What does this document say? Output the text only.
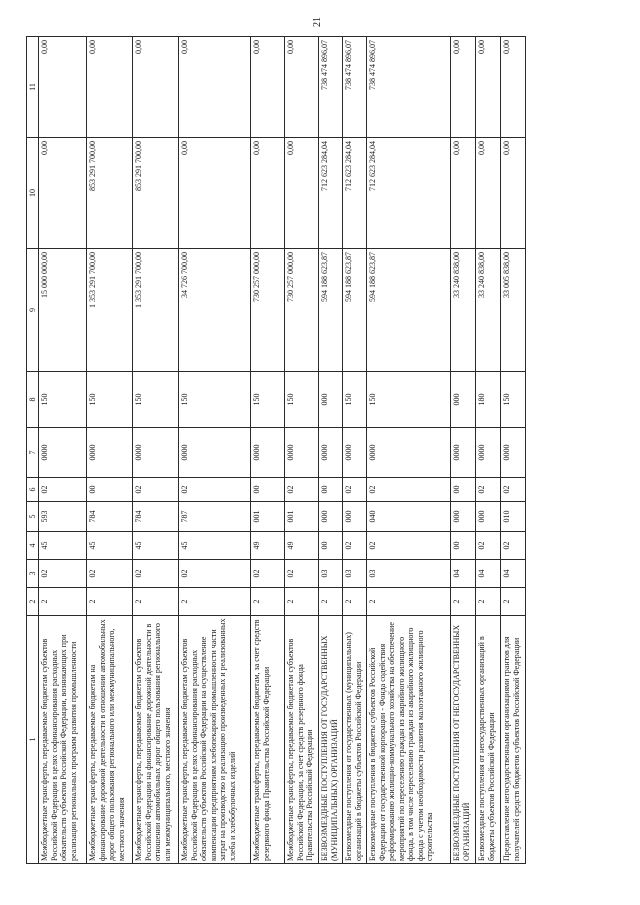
21
1	2	3	4	5	6	7	8	9	10	11
Межбюджетные трансферты, передаваемые бюджетам субъектов Российской Федерации в целях софинансирования расходных обязательств субъектов Российской Федерации, возникающих при реализации региональных программ развития промышленности	2	02	45	593	02	0000	150	15 000 000,00	0,00	0,00
Межбюджетные трансферты, передаваемые бюджетам на финансирование дорожной деятельности в отношении автомобильных дорог общего пользования регионального или межмуниципального, местного значения	2	02	45	784	00	0000	150	1 353 291 700,00	853 291 700,00	0,00
Межбюджетные трансферты, передаваемые бюджетам субъектов Российской Федерации на финансирование дорожной деятельности в отношении автомобильных дорог общего пользования регионального или межмуниципального, местного значения	2	02	45	784	02	0000	150	1 353 291 700,00	853 291 700,00	0,00
Межбюджетные трансферты, передаваемые бюджетам субъектов Российской Федерации в целях софинансирования расходных обязательств субъектов Российской Федерации на осуществление компенсации предприятиям хлебопекарной промышленности части затрат на производство и реализацию произведенных и реализованных хлеба и хлебобулочных изделий	2	02	45	787	02	0000	150	34 726 700,00	0,00	0,00
Межбюджетные трансферты, передаваемые бюджетам, за счет средств резервного фонда Правительства Российской Федерации	2	02	49	001	00	0000	150	730 257 000,00	0,00	0,00
Межбюджетные трансферты, передаваемые бюджетам субъектов Российской Федерации, за счет средств резервного фонда Правительства Российской Федерации	2	02	49	001	02	0000	150	730 257 000,00	0,00	0,00
БЕЗВОЗМЕЗДНЫЕ ПОСТУПЛЕНИЯ ОТ ГОСУДАРСТВЕННЫХ (МУНИЦИПАЛЬНЫХ) ОРГАНИЗАЦИЙ	2	03	00	000	00	0000	000	594 188 623,87	712 623 284,04	738 474 896,07
Безвозмездные поступления от государственных (муниципальных) организаций в бюджеты субъектов Российской Федерации	2	03	02	000	02	0000	150	594 188 623,87	712 623 284,04	738 474 896,07
Безвозмездные поступления в бюджеты субъектов Российской Федерации от государственной корпорации - Фонда содействия реформированию жилищно-коммунального хозяйства на обеспечение мероприятий по переселению граждан из аварийного жилищного фонда, в том числе переселению граждан из аварийного жилищного фонда с учетом необходимости развития малоэтажного жилищного строительства	2	03	02	040	02	0000	150	594 188 623,87	712 623 284,04	738 474 896,07
БЕЗВОЗМЕЗДНЫЕ ПОСТУПЛЕНИЯ ОТ НЕГОСУДАРСТВЕННЫХ ОРГАНИЗАЦИЙ	2	04	00	000	00	0000	000	33 240 838,00	0,00	0,00
Безвозмездные поступления от негосударственных организаций в бюджеты субъектов Российской Федерации	2	04	02	000	02	0000	180	33 240 838,00	0,00	0,00
Предоставление негосударственными организациями грантов для получателей средств бюджетов субъектов Российской Федерации	2	04	02	010	02	0000	150	33 005 838,00	0,00	0,00
